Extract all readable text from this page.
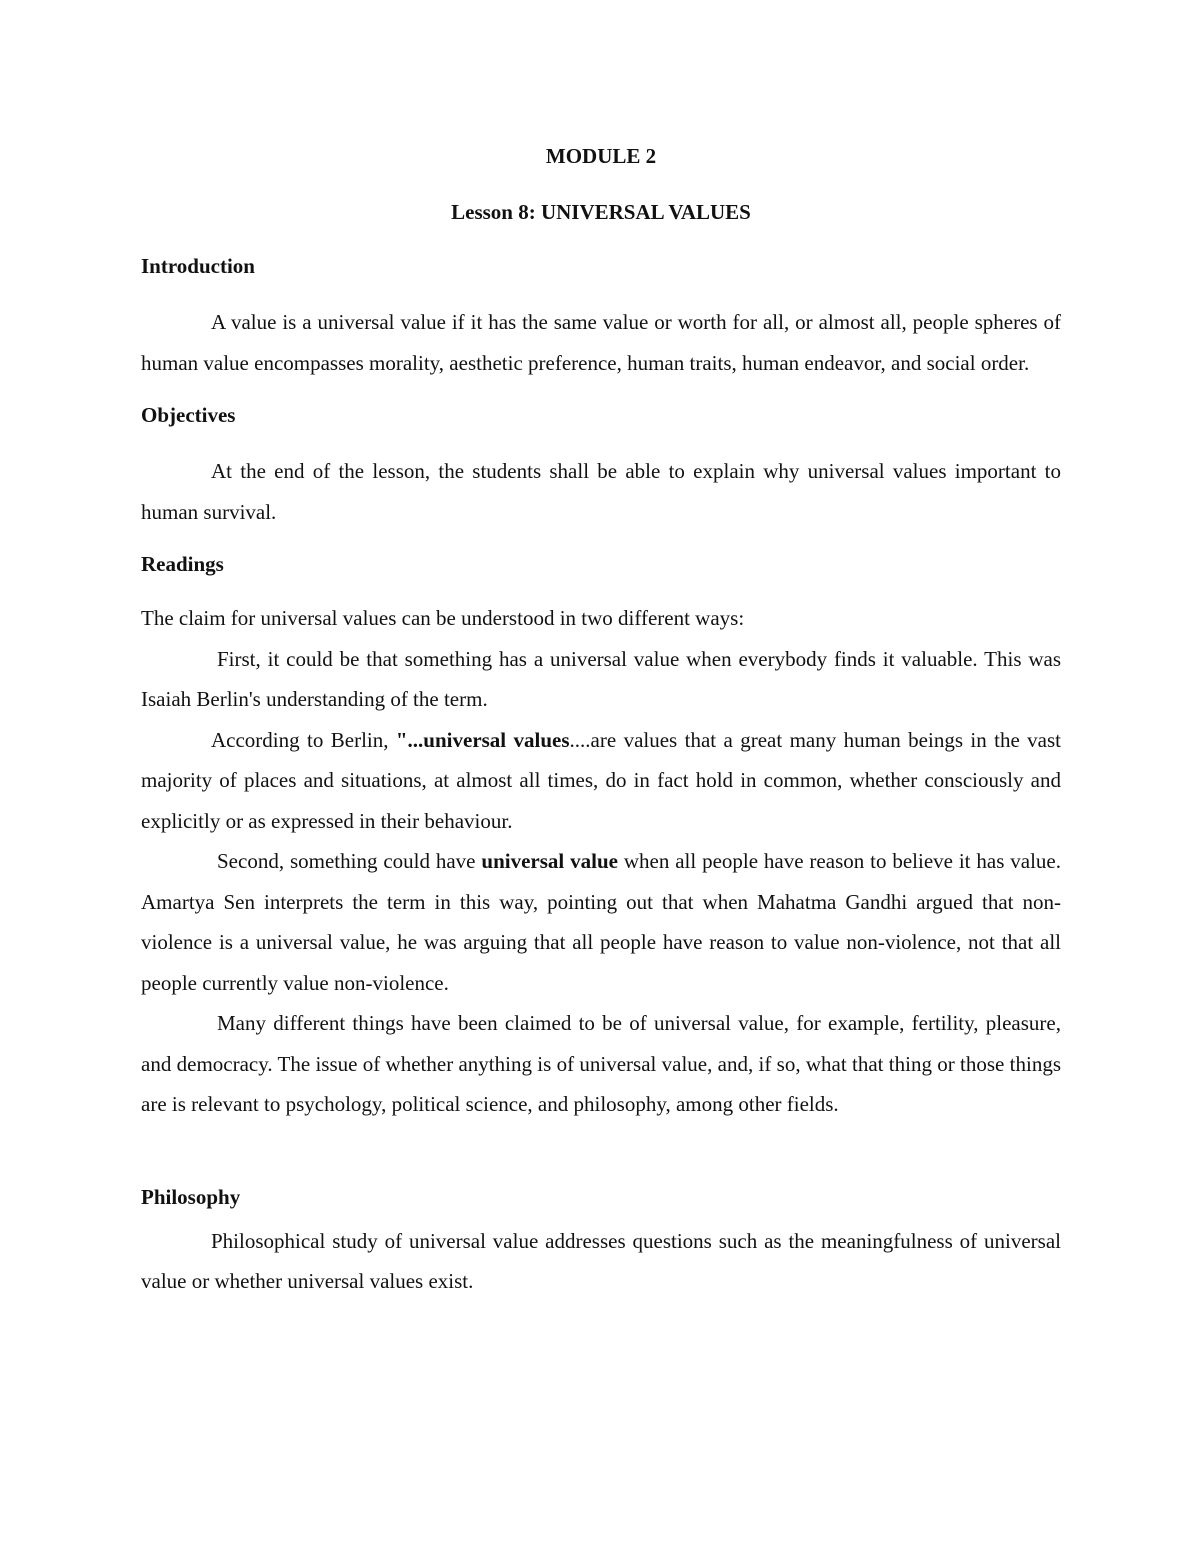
MODULE 2

Lesson 8: UNIVERSAL VALUES

Introduction

A value is a universal value if it has the same value or worth for all, or almost all, people spheres of human value encompasses morality, aesthetic preference, human traits, human endeavor, and social order.

Objectives

At the end of the lesson, the students shall be able to explain why universal values important to human survival.

Readings

The claim for universal values can be understood in two different ways:

First, it could be that something has a universal value when everybody finds it valuable. This was Isaiah Berlin's understanding of the term.

According to Berlin, "...universal values....are values that a great many human beings in the vast majority of places and situations, at almost all times, do in fact hold in common, whether consciously and explicitly or as expressed in their behaviour.

Second, something could have universal value when all people have reason to believe it has value. Amartya Sen interprets the term in this way, pointing out that when Mahatma Gandhi argued that non-violence is a universal value, he was arguing that all people have reason to value non-violence, not that all people currently value non-violence.

Many different things have been claimed to be of universal value, for example, fertility, pleasure, and democracy. The issue of whether anything is of universal value, and, if so, what that thing or those things are is relevant to psychology, political science, and philosophy, among other fields.

Philosophy

Philosophical study of universal value addresses questions such as the meaningfulness of universal value or whether universal values exist.
